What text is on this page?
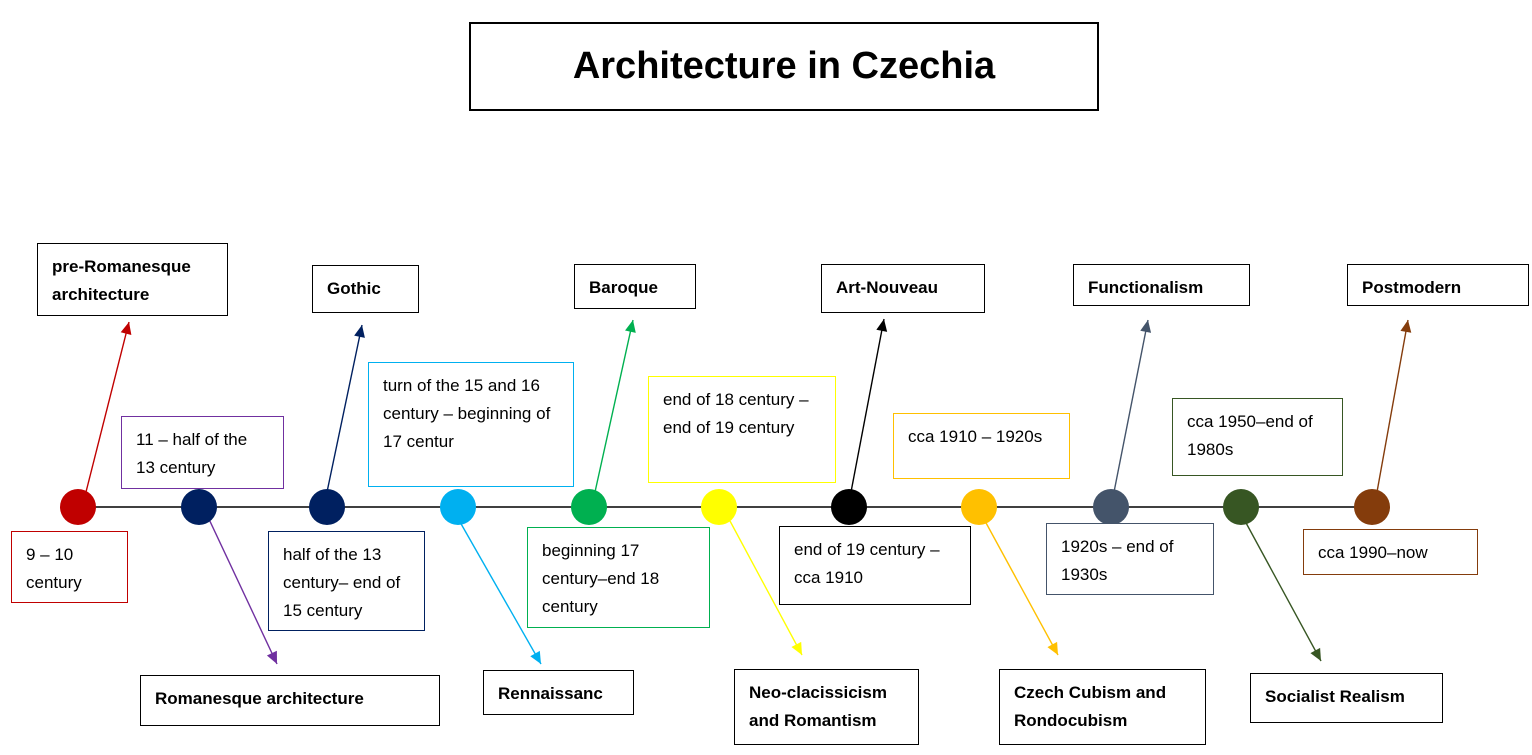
Architecture in Czechia
pre-Romanesque architecture
9 – 10 century
Romanesque architecture
11 – half of the 13 century
Gothic
half of the 13 century– end of 15 century
Rennaissanc
turn of the 15 and 16 century – beginning of 17 centur
Baroque
beginning 17 century–end 18 century
Neo-clacissicism and Romantism
end of 18 century – end of 19 century
Art-Nouveau
end of 19 century –cca 1910
Czech Cubism and Rondocubism
cca 1910 – 1920s
Functionalism
1920s – end of 1930s
Socialist Realism
cca 1950–end of 1980s
Postmodern
cca 1990–now
